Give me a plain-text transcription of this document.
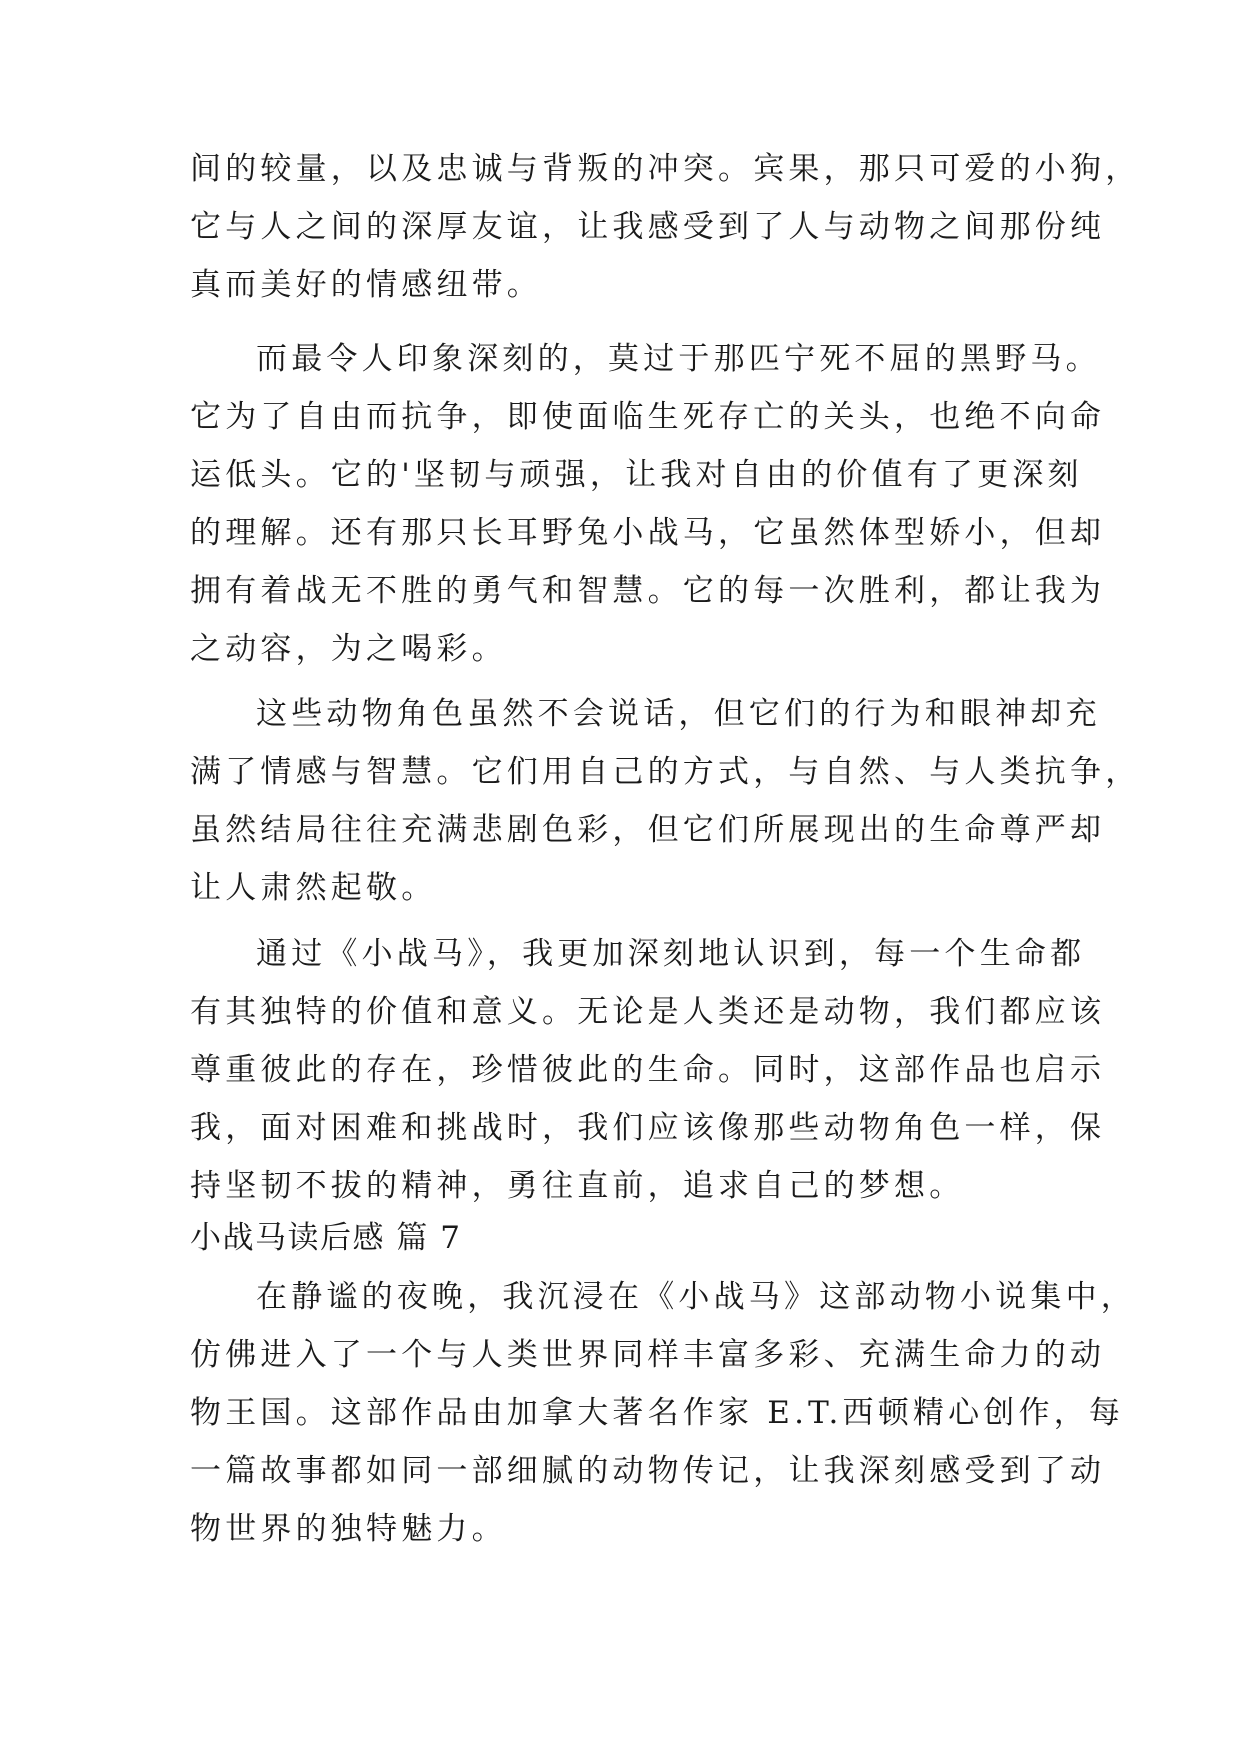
间的较量，以及忠诚与背叛的冲突。宾果，那只可爱的小狗，
它与人之间的深厚友谊，让我感受到了人与动物之间那份纯
真而美好的情感纽带。
而最令人印象深刻的，莫过于那匹宁死不屈的黑野马。
它为了自由而抗争，即使面临生死存亡的关头，也绝不向命
运低头。它的'坚韧与顽强，让我对自由的价值有了更深刻
的理解。还有那只长耳野兔小战马，它虽然体型娇小，但却
拥有着战无不胜的勇气和智慧。它的每一次胜利，都让我为
之动容，为之喝彩。
这些动物角色虽然不会说话，但它们的行为和眼神却充
满了情感与智慧。它们用自己的方式，与自然、与人类抗争，
虽然结局往往充满悲剧色彩，但它们所展现出的生命尊严却
让人肃然起敬。
通过《小战马》，我更加深刻地认识到，每一个生命都
有其独特的价值和意义。无论是人类还是动物，我们都应该
尊重彼此的存在，珍惜彼此的生命。同时，这部作品也启示
我，面对困难和挑战时，我们应该像那些动物角色一样，保
持坚韧不拔的精神，勇往直前，追求自己的梦想。
小战马读后感 篇 7
在静谧的夜晚，我沉浸在《小战马》这部动物小说集中，
仿佛进入了一个与人类世界同样丰富多彩、充满生命力的动
物王国。这部作品由加拿大著名作家 E.T.西顿精心创作，每
一篇故事都如同一部细腻的动物传记，让我深刻感受到了动
物世界的独特魅力。
